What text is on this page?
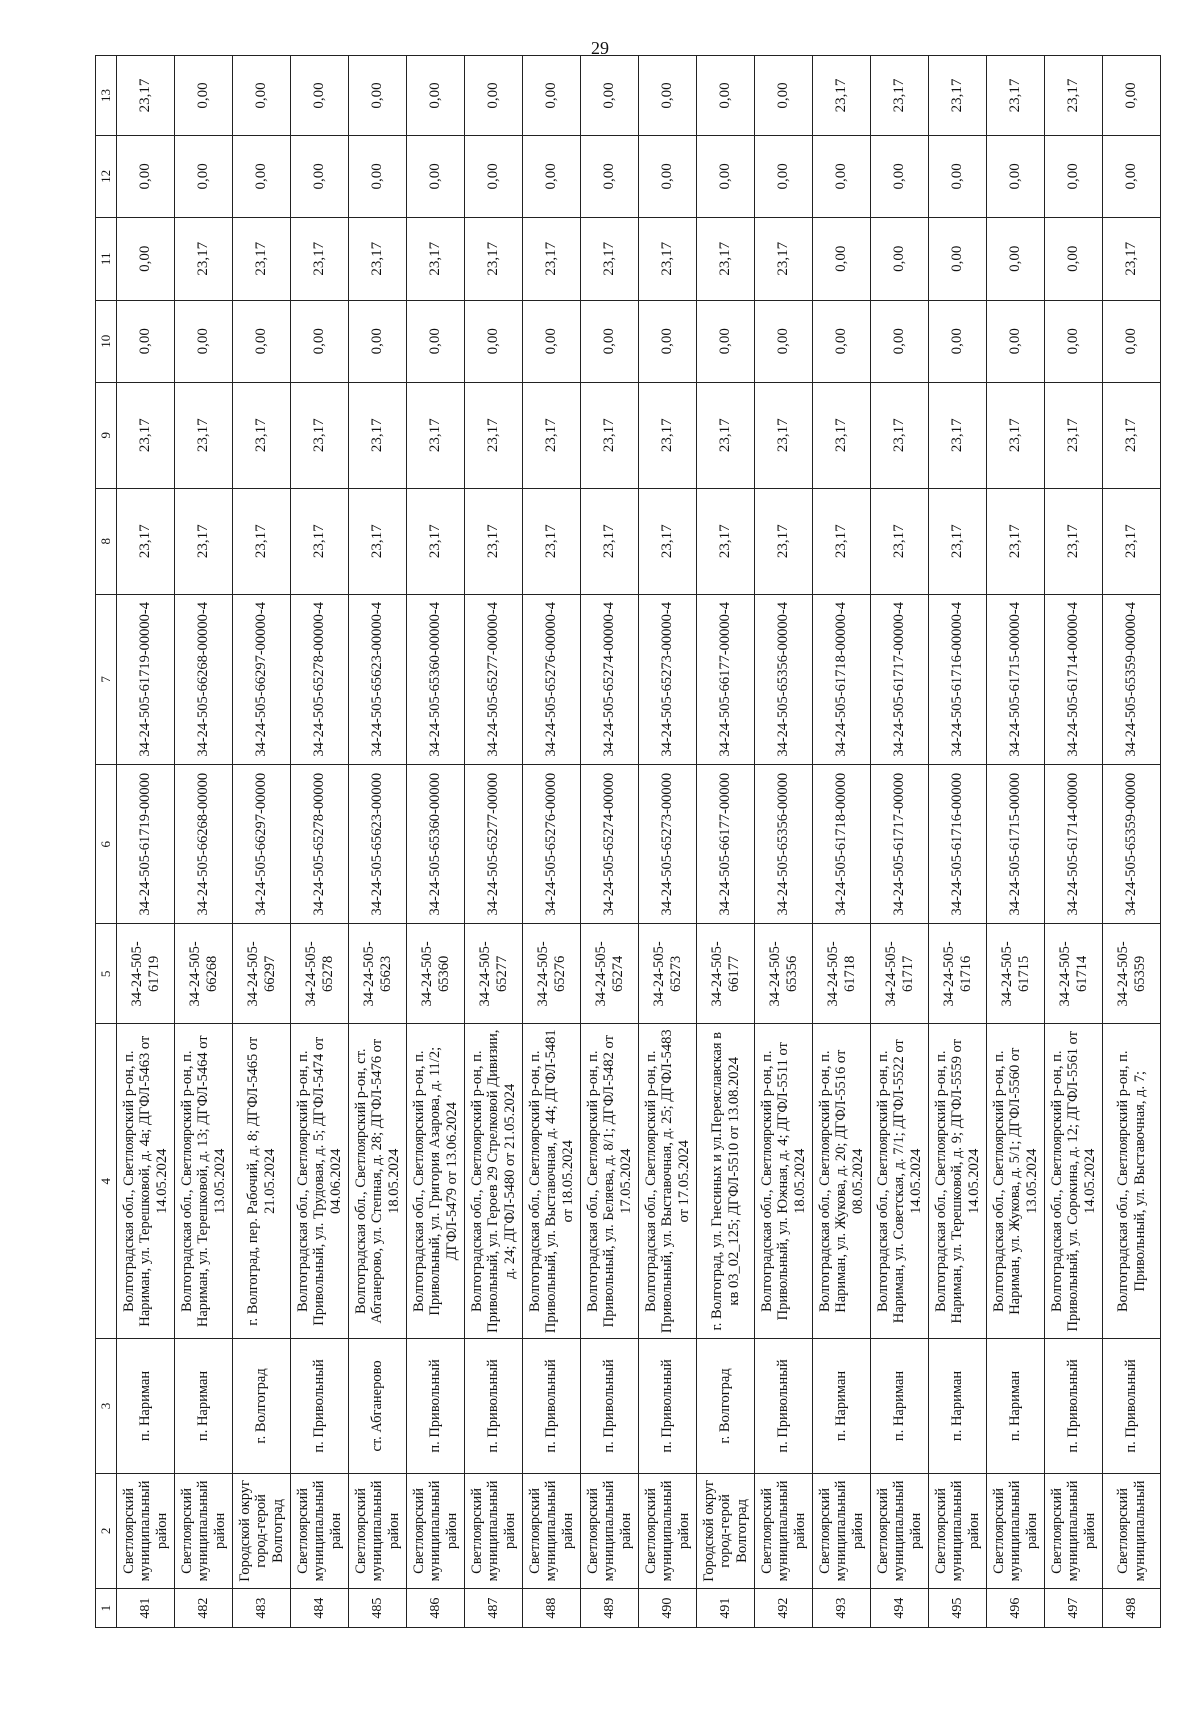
29
1	2	3	4	5	6	7	8	9	10	11	12	13
481	Светлоярский муниципальный район	п. Нариман	Волгоградская обл., Светлоярский р-он, п. Нариман, ул. Терешковой, д. 4а; ДГФЛ-5463 от 14.05.2024	34-24-505-61719	34-24-505-61719-00000	34-24-505-61719-00000-4	23,17	23,17	0,00	0,00	0,00	23,17
482	Светлоярский муниципальный район	п. Нариман	Волгоградская обл., Светлоярский р-он, п. Нариман, ул. Терешковой, д. 13; ДГФЛ-5464 от 13.05.2024	34-24-505-66268	34-24-505-66268-00000	34-24-505-66268-00000-4	23,17	23,17	0,00	23,17	0,00	0,00
483	Городской округ город-герой Волгоград	г. Волгоград	г. Волгоград, пер. Рабочий, д. 8; ДГФЛ-5465 от 21.05.2024	34-24-505-66297	34-24-505-66297-00000	34-24-505-66297-00000-4	23,17	23,17	0,00	23,17	0,00	0,00
484	Светлоярский муниципальный район	п. Привольный	Волгоградская обл., Светлоярский р-он, п. Привольный, ул. Трудовая, д. 5; ДГФЛ-5474 от 04.06.2024	34-24-505-65278	34-24-505-65278-00000	34-24-505-65278-00000-4	23,17	23,17	0,00	23,17	0,00	0,00
485	Светлоярский муниципальный район	ст. Абганерово	Волгоградская обл., Светлоярский р-он, ст. Абганерово, ул. Степная, д. 28; ДГФЛ-5476 от 18.05.2024	34-24-505-65623	34-24-505-65623-00000	34-24-505-65623-00000-4	23,17	23,17	0,00	23,17	0,00	0,00
486	Светлоярский муниципальный район	п. Привольный	Волгоградская обл., Светлоярский р-он, п. Привольный, ул. Григория Азарова, д. 11/2; ДГФЛ-5479 от 13.06.2024	34-24-505-65360	34-24-505-65360-00000	34-24-505-65360-00000-4	23,17	23,17	0,00	23,17	0,00	0,00
487	Светлоярский муниципальный район	п. Привольный	Волгоградская обл., Светлоярский р-он, п. Привольный, ул. Героев 29 Стрелковой Дивизии, д. 24; ДГФЛ-5480 от 21.05.2024	34-24-505-65277	34-24-505-65277-00000	34-24-505-65277-00000-4	23,17	23,17	0,00	23,17	0,00	0,00
488	Светлоярский муниципальный район	п. Привольный	Волгоградская обл., Светлоярский р-он, п. Привольный, ул. Выставочная, д. 44; ДГФЛ-5481 от 18.05.2024	34-24-505-65276	34-24-505-65276-00000	34-24-505-65276-00000-4	23,17	23,17	0,00	23,17	0,00	0,00
489	Светлоярский муниципальный район	п. Привольный	Волгоградская обл., Светлоярский р-он, п. Привольный, ул. Беляева, д. 8/1; ДГФЛ-5482 от 17.05.2024	34-24-505-65274	34-24-505-65274-00000	34-24-505-65274-00000-4	23,17	23,17	0,00	23,17	0,00	0,00
490	Светлоярский муниципальный район	п. Привольный	Волгоградская обл., Светлоярский р-он, п. Привольный, ул. Выставочная, д. 25; ДГФЛ-5483 от 17.05.2024	34-24-505-65273	34-24-505-65273-00000	34-24-505-65273-00000-4	23,17	23,17	0,00	23,17	0,00	0,00
491	Городской округ город-герой Волгоград	г. Волгоград	г. Волгоград, ул. Гнесиных и ул.Переяславская в кв 03_02_125; ДГФЛ-5510 от 13.08.2024	34-24-505-66177	34-24-505-66177-00000	34-24-505-66177-00000-4	23,17	23,17	0,00	23,17	0,00	0,00
492	Светлоярский муниципальный район	п. Привольный	Волгоградская обл., Светлоярский р-он, п. Привольный, ул. Южная, д. 4; ДГФЛ-5511 от 18.05.2024	34-24-505-65356	34-24-505-65356-00000	34-24-505-65356-00000-4	23,17	23,17	0,00	23,17	0,00	0,00
493	Светлоярский муниципальный район	п. Нариман	Волгоградская обл., Светлоярский р-он, п. Нариман, ул. Жукова, д. 20; ДГФЛ-5516 от 08.05.2024	34-24-505-61718	34-24-505-61718-00000	34-24-505-61718-00000-4	23,17	23,17	0,00	0,00	0,00	23,17
494	Светлоярский муниципальный район	п. Нариман	Волгоградская обл., Светлоярский р-он, п. Нариман, ул. Советская, д. 7/1; ДГФЛ-5522 от 14.05.2024	34-24-505-61717	34-24-505-61717-00000	34-24-505-61717-00000-4	23,17	23,17	0,00	0,00	0,00	23,17
495	Светлоярский муниципальный район	п. Нариман	Волгоградская обл., Светлоярский р-он, п. Нариман, ул. Терешковой, д. 9; ДГФЛ-5559 от 14.05.2024	34-24-505-61716	34-24-505-61716-00000	34-24-505-61716-00000-4	23,17	23,17	0,00	0,00	0,00	23,17
496	Светлоярский муниципальный район	п. Нариман	Волгоградская обл., Светлоярский р-он, п. Нариман, ул. Жукова, д. 5/1; ДГФЛ-5560 от 13.05.2024	34-24-505-61715	34-24-505-61715-00000	34-24-505-61715-00000-4	23,17	23,17	0,00	0,00	0,00	23,17
497	Светлоярский муниципальный район	п. Привольный	Волгоградская обл., Светлоярский р-он, п. Привольный, ул. Сорокина, д. 12; ДГФЛ-5561 от 14.05.2024	34-24-505-61714	34-24-505-61714-00000	34-24-505-61714-00000-4	23,17	23,17	0,00	0,00	0,00	23,17
498	Светлоярский муниципальный	п. Привольный	Волгоградская обл., Светлоярский р-он, п. Привольный, ул. Выставочная, д. 7;	34-24-505-65359	34-24-505-65359-00000	34-24-505-65359-00000-4	23,17	23,17	0,00	23,17	0,00	0,00
